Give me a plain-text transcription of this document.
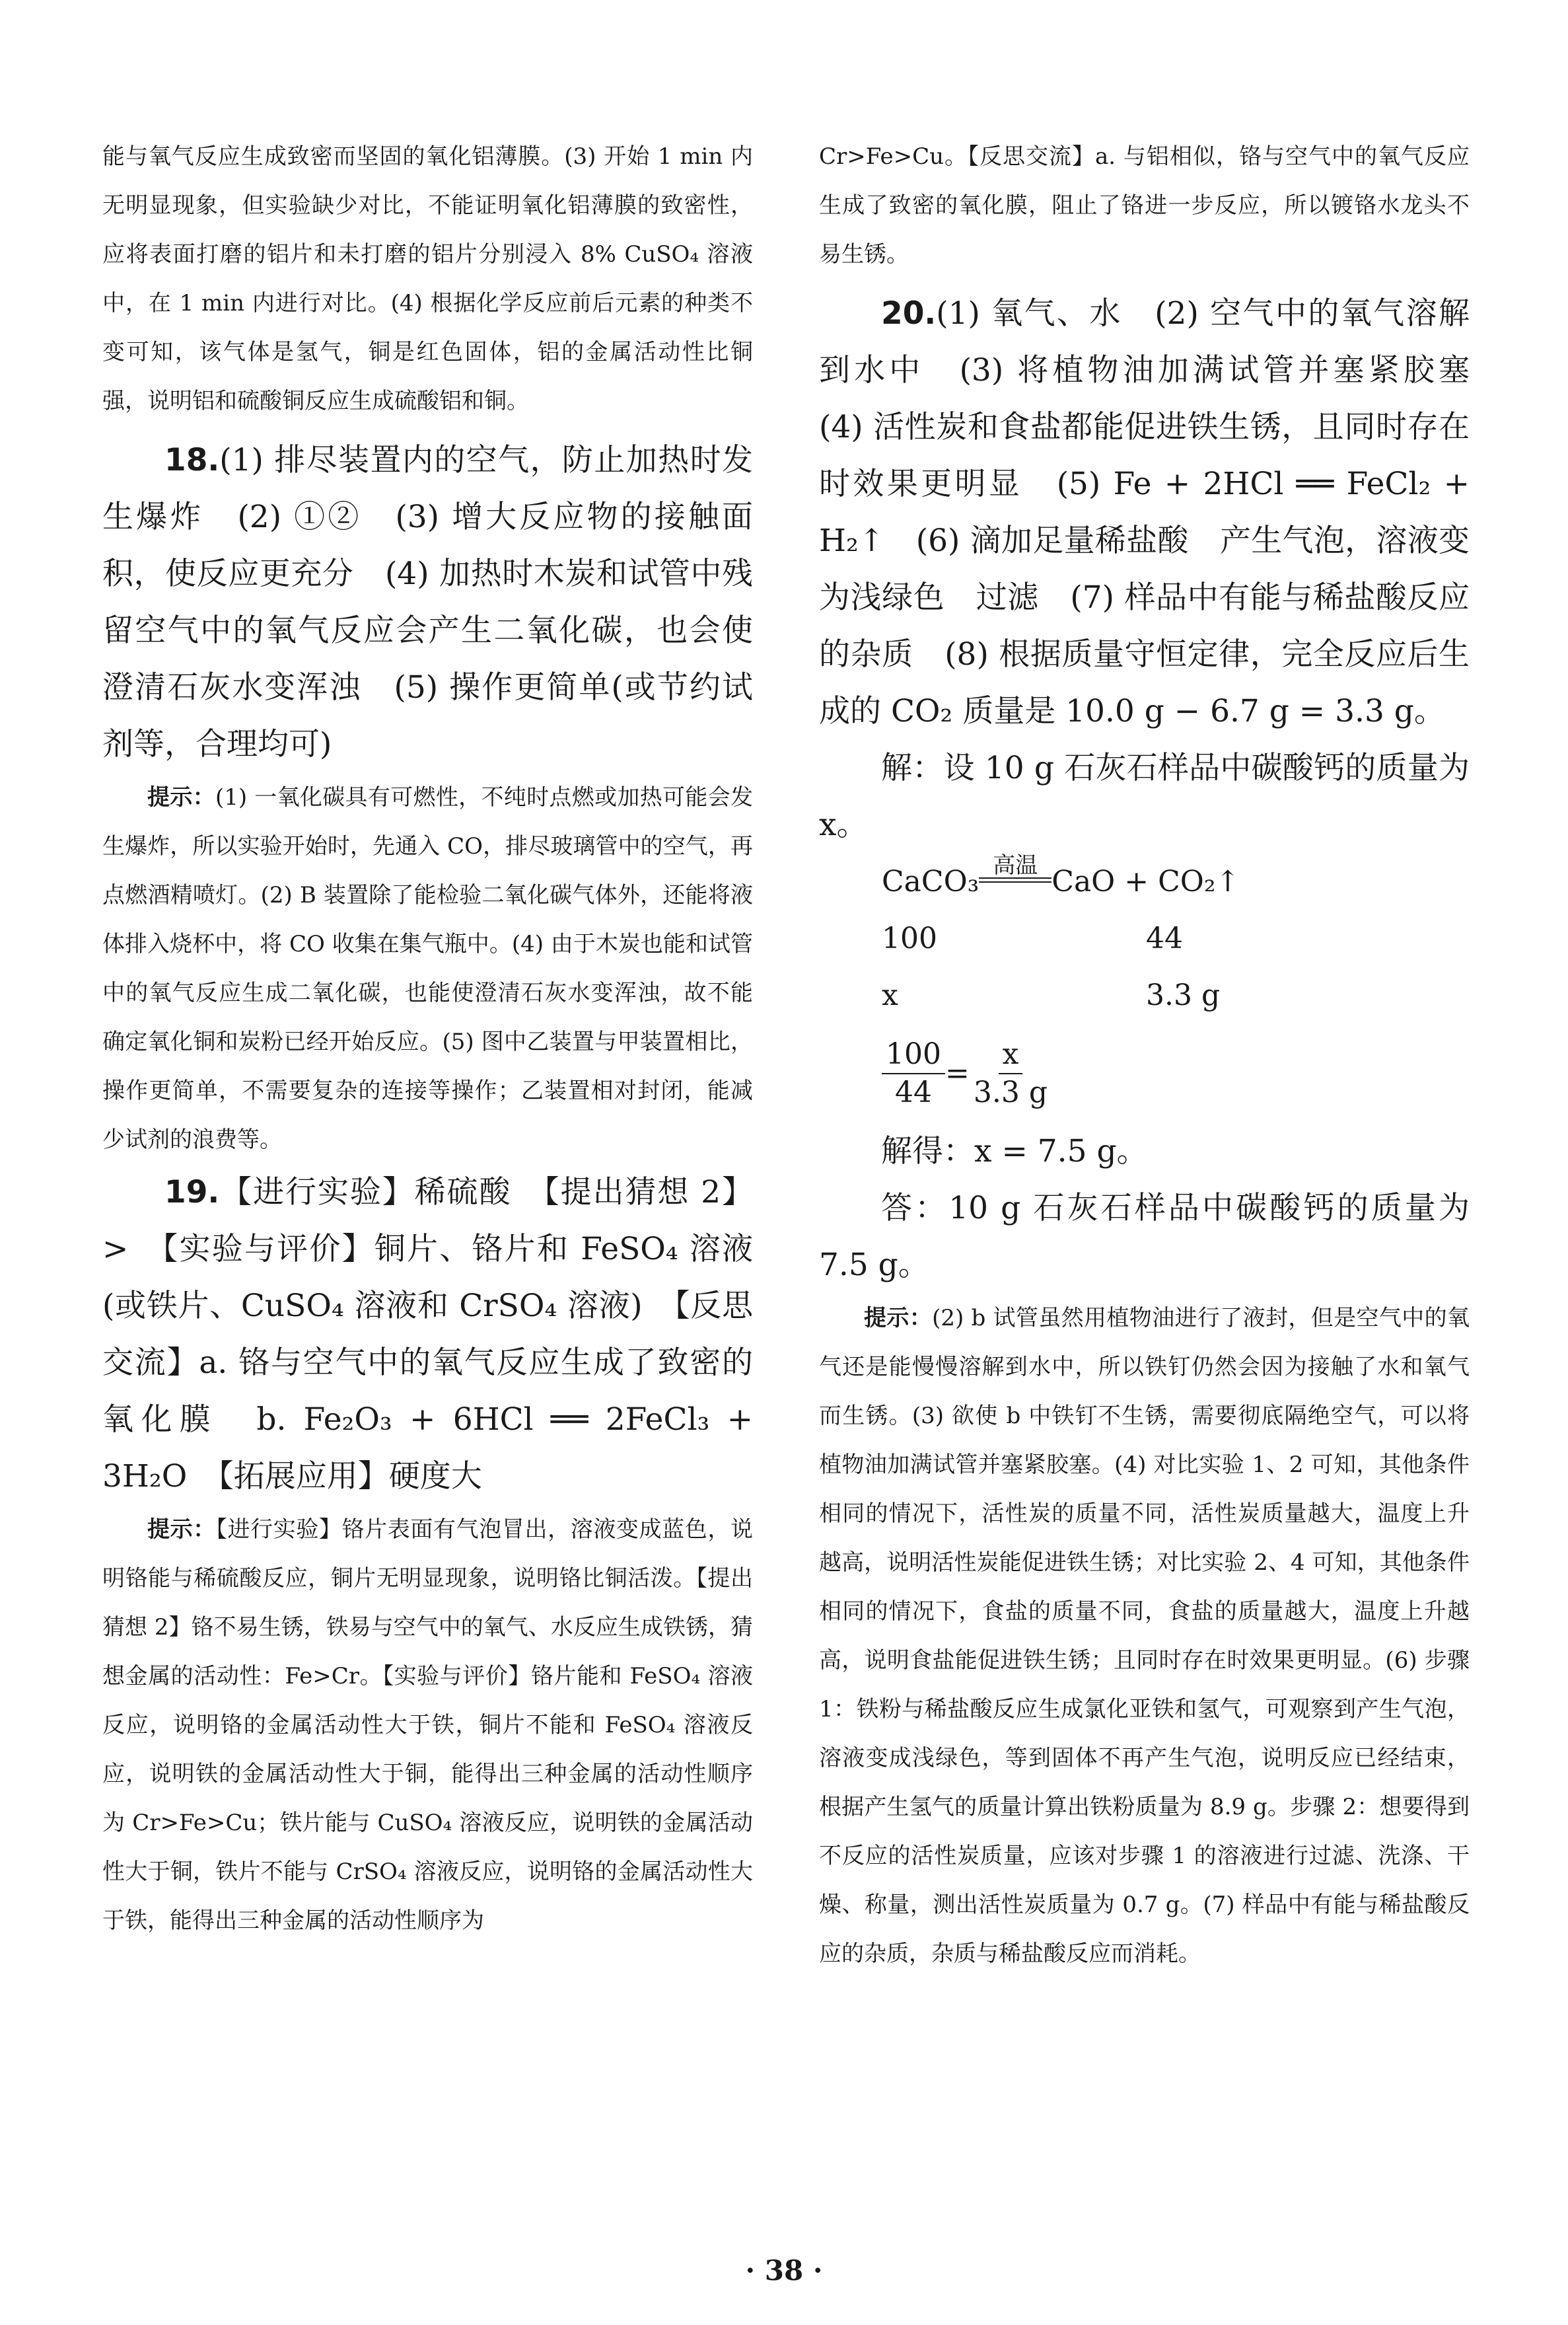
能与氧气反应生成致密而坚固的氧化铝薄膜。(3) 开始 1 min 内无明显现象，但实验缺少对比，不能证明氧化铝薄膜的致密性，应将表面打磨的铝片和未打磨的铝片分别浸入 8% CuSO₄ 溶液中，在 1 min 内进行对比。(4) 根据化学反应前后元素的种类不变可知，该气体是氢气，铜是红色固体，铝的金属活动性比铜强，说明铝和硫酸铜反应生成硫酸铝和铜。

18.(1) 排尽装置内的空气，防止加热时发生爆炸　(2) ①②　(3) 增大反应物的接触面积，使反应更充分　(4) 加热时木炭和试管中残留空气中的氧气反应会产生二氧化碳，也会使澄清石灰水变浑浊　(5) 操作更简单(或节约试剂等，合理均可)

提示：(1) 一氧化碳具有可燃性，不纯时点燃或加热可能会发生爆炸，所以实验开始时，先通入 CO，排尽玻璃管中的空气，再点燃酒精喷灯。(2) B 装置除了能检验二氧化碳气体外，还能将液体排入烧杯中，将 CO 收集在集气瓶中。(4) 由于木炭也能和试管中的氧气反应生成二氧化碳，也能使澄清石灰水变浑浊，故不能确定氧化铜和炭粉已经开始反应。(5) 图中乙装置与甲装置相比，操作更简单，不需要复杂的连接等操作；乙装置相对封闭，能减少试剂的浪费等。

19.【进行实验】稀硫酸　【提出猜想 2】>　【实验与评价】铜片、铬片和 FeSO₄ 溶液(或铁片、CuSO₄ 溶液和 CrSO₄ 溶液)　【反思交流】a. 铬与空气中的氧气反应生成了致密的氧化膜　b. Fe₂O₃ + 6HCl ══ 2FeCl₃ + 3H₂O　【拓展应用】硬度大

提示：【进行实验】铬片表面有气泡冒出，溶液变成蓝色，说明铬能与稀硫酸反应，铜片无明显现象，说明铬比铜活泼。【提出猜想 2】铬不易生锈，铁易与空气中的氧气、水反应生成铁锈，猜想金属的活动性：Fe>Cr。【实验与评价】铬片能和 FeSO₄ 溶液反应，说明铬的金属活动性大于铁，铜片不能和 FeSO₄ 溶液反应，说明铁的金属活动性大于铜，能得出三种金属的活动性顺序为 Cr>Fe>Cu；铁片能与 CuSO₄ 溶液反应，说明铁的金属活动性大于铜，铁片不能与 CrSO₄ 溶液反应，说明铬的金属活动性大于铁，能得出三种金属的活动性顺序为

Cr>Fe>Cu。【反思交流】a. 与铝相似，铬与空气中的氧气反应生成了致密的氧化膜，阻止了铬进一步反应，所以镀铬水龙头不易生锈。

20.(1) 氧气、水　(2) 空气中的氧气溶解到水中　(3) 将植物油加满试管并塞紧胶塞　(4) 活性炭和食盐都能促进铁生锈，且同时存在时效果更明显　(5) Fe + 2HCl ══ FeCl₂ + H₂↑　(6) 滴加足量稀盐酸　产生气泡，溶液变为浅绿色　过滤　(7) 样品中有能与稀盐酸反应的杂质　(8) 根据质量守恒定律，完全反应后生成的 CO₂ 质量是 10.0 g − 6.7 g = 3.3 g。

解：设 10 g 石灰石样品中碳酸钙的质量为 x。

CaCO₃ 高温 CaO + CO₂↑
100	44
x	3.3 g
$\frac{100}{44} = \frac{x}{3.3 g}$

解得：x = 7.5 g。

答：10 g 石灰石样品中碳酸钙的质量为 7.5 g。

提示：(2) b 试管虽然用植物油进行了液封，但是空气中的氧气还是能慢慢溶解到水中，所以铁钉仍然会因为接触了水和氧气而生锈。(3) 欲使 b 中铁钉不生锈，需要彻底隔绝空气，可以将植物油加满试管并塞紧胶塞。(4) 对比实验 1、2 可知，其他条件相同的情况下，活性炭的质量不同，活性炭质量越大，温度上升越高，说明活性炭能促进铁生锈；对比实验 2、4 可知，其他条件相同的情况下，食盐的质量不同，食盐的质量越大，温度上升越高，说明食盐能促进铁生锈；且同时存在时效果更明显。(6) 步骤 1：铁粉与稀盐酸反应生成氯化亚铁和氢气，可观察到产生气泡，溶液变成浅绿色，等到固体不再产生气泡，说明反应已经结束，根据产生氢气的质量计算出铁粉质量为 8.9 g。步骤 2：想要得到不反应的活性炭质量，应该对步骤 1 的溶液进行过滤、洗涤、干燥、称量，测出活性炭质量为 0.7 g。(7) 样品中有能与稀盐酸反应的杂质，杂质与稀盐酸反应而消耗。

· 38 ·
